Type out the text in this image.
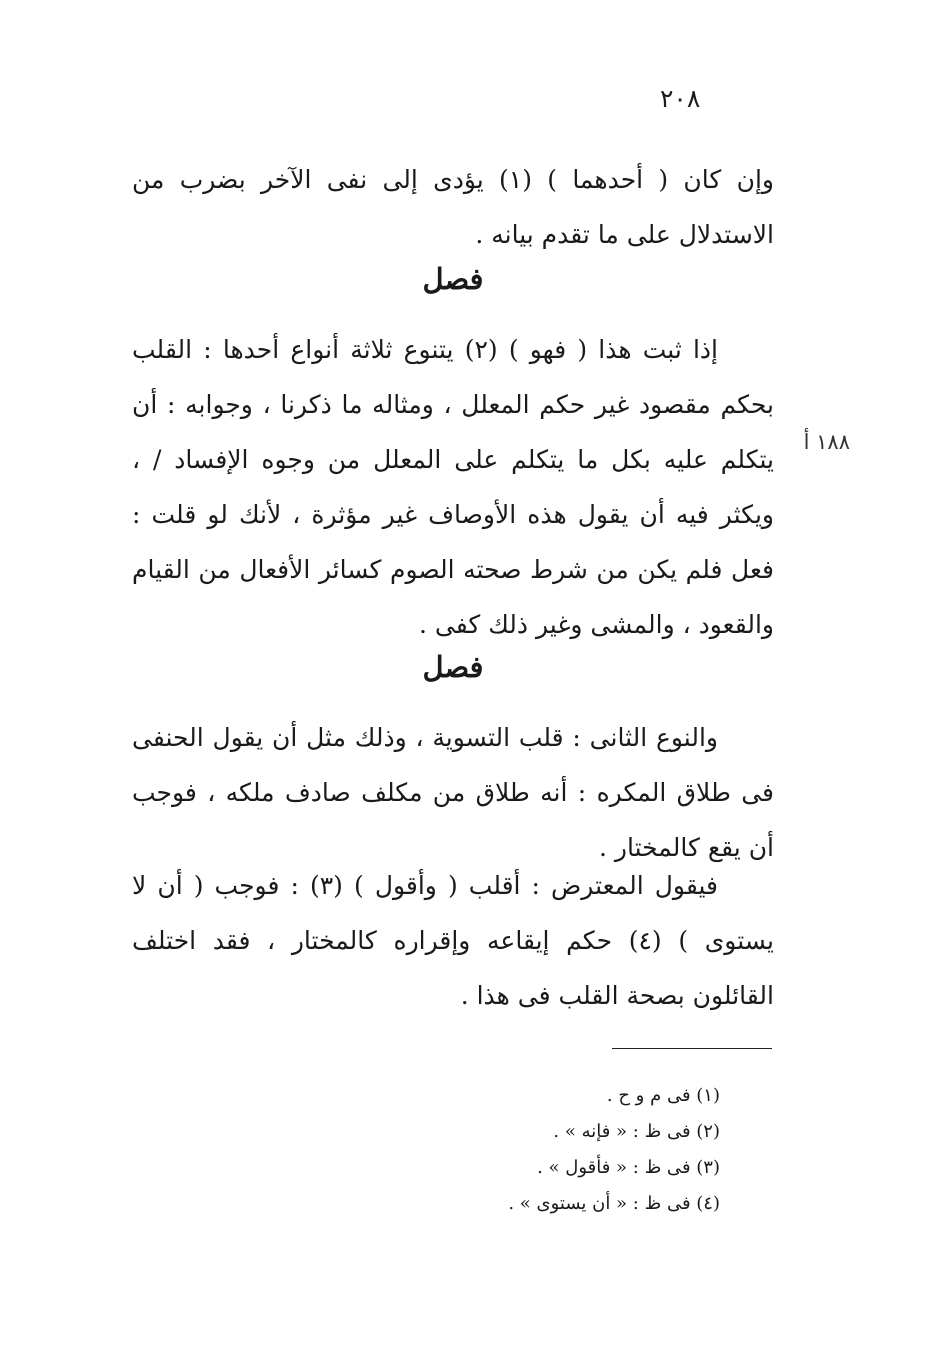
٢٠٨
وإن كان ( أحدهما ) (١) يؤدى إلى نفى الآخر بضرب من الاستدلال على ما تقدم بيانه .
فصل
إذا ثبت هذا ( فهو ) (٢) يتنوع ثلاثة أنواع أحدها : القلب بحكم مقصود غير حكم المعلل ، ومثاله ما ذكرنا ، وجوابه : أن يتكلم عليه بكل ما يتكلم على المعلل من وجوه الإفساد / ، ويكثر فيه أن يقول هذه الأوصاف غير مؤثرة ، لأنك لو قلت : فعل فلم يكن من شرط صحته الصوم كسائر الأفعال من القيام والقعود ، والمشى وغير ذلك كفى .
١٨٨ أ
فصل
والنوع الثانى : قلب التسوية ، وذلك مثل أن يقول الحنفى فى طلاق المكره : أنه طلاق من مكلف صادف ملكه ، فوجب أن يقع كالمختار .
فيقول المعترض : أقلب ( وأقول ) (٣) : فوجب ( أن لا يستوى ) (٤) حكم إيقاعه وإقراره كالمختار ، فقد اختلف القائلون بصحة القلب فى هذا .
(١) فى م و ح .
(٢) فى ظ : « فإنه » .
(٣) فى ظ : « فأقول » .
(٤) فى ظ : « أن يستوى » .
